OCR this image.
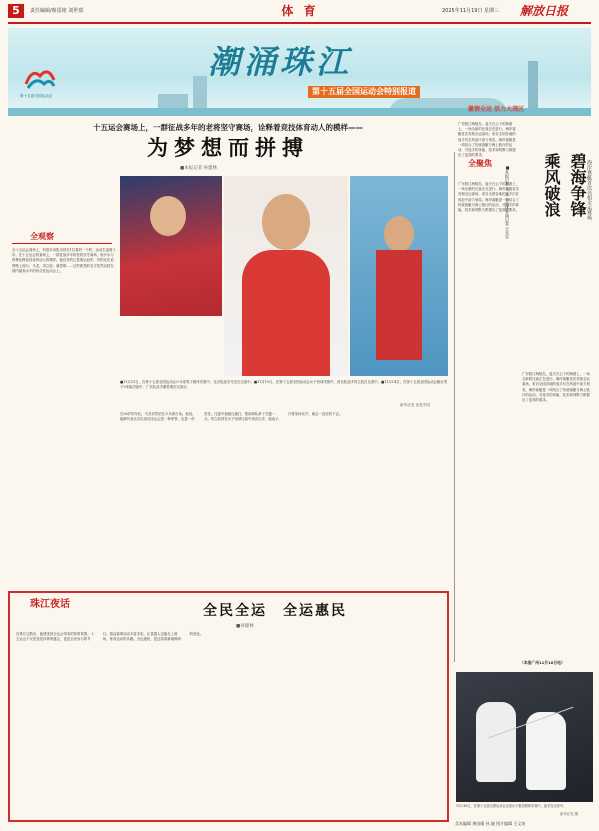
5	责任编辑/蔡雷铭 刘世璟	体 育	2025年11月19日 星期三 解放日报
第十五届全国运动会
潮涌珠江
第十五届全国运动会特别报道
激情全运 活力大湾区
十五运会赛场上，一群征战多年的老将坚守赛场，诠释着竞技体育动人的模样——
为梦想而拼搏
■本报记者 孙建林
全观察
全十五运会赛场上，有很多身影出现在1位看的一个样，运动生涯数十年。在十五运会的赛场上，一群征战多年的老将坚守赛场，用汗水与拼搏诠释竞技体育动人的模样。他们有的已是奥运冠军，有的还在追梦路上前行。马龙、巩立姣、谢思埸……这些熟悉的名字依然活跃在国内最高水平的综合性运动会上。
■11月15日，在第十五届全国运动会乒乓球男子团体决赛中，北京队选手马龙在比赛中。■11月15日，在第十五届全国运动会女子铅球决赛中，河北队选手巩立姣在比赛中。■11月14日，在第十五届全国运动会跳水男子3米板决赛中，广东队选手谢思埸在比赛后。
新华社发 视觉中国
在36岁的年纪，马龙仍然站在乒乓球台前。他说，能够代表北京队参加全运会是一种荣誉，也是一份责任。比赛中他稳扎稳打，帮助球队拿下关键一分。巩立姣则在女子铅球比赛中再次出手，她表示只要身体允许，就会一直坚持下去。
广东阳江海陵岛，蓝天白云下的海面上，一场全新的比赛正在进行。海岸赛艇首次亮相全运赛场，来自全国各地的选手们在风浪中奋力划桨。海岸赛艇是一项结合了传统赛艇与海上航行的运动，对选手的体能、技术和判断力都提出了更高的要求。
全聚焦	乘风破浪 碧海争锋 海岸赛艇首次亮相全运赛场
■本报记者 马 永 中国体育网记者 王光东
广东阳江海陵岛，蓝天白云下的海面上，一场全新的比赛正在进行。海岸赛艇首次亮相全运赛场，来自全国各地的选手们在风浪中奋力划桨。海岸赛艇是一项结合了传统赛艇与海上航行的运动，对选手的体能、技术和判断力都提出了更高的要求。
广东阳江海陵岛，蓝天白云下的海面上，一场全新的比赛正在进行。海岸赛艇首次亮相全运赛场，来自全国各地的选手们在风浪中奋力划桨。海岸赛艇是一项结合了传统赛艇与海上航行的运动，对选手的体能、技术和判断力都提出了更高的要求。
（本报广州11月18日电）
珠江夜话	全民全运　全运惠民
■孙建林
在珠江边散步，能感受到全运会带来的浓厚氛围。十五运会不仅是竞技体育的盛会，更是全民参与的节日。群众赛事活动丰富多彩，让普通人也能走上赛场，体验运动的乐趣。全运惠民，是这届赛事最鲜明的底色。
11月16日，在第十五届全国运动会击剑女子重剑团体决赛中，选手在比赛中。
新华社发 摄
美术编辑 黄国耀 孙 婕 图片编辑 王文英
